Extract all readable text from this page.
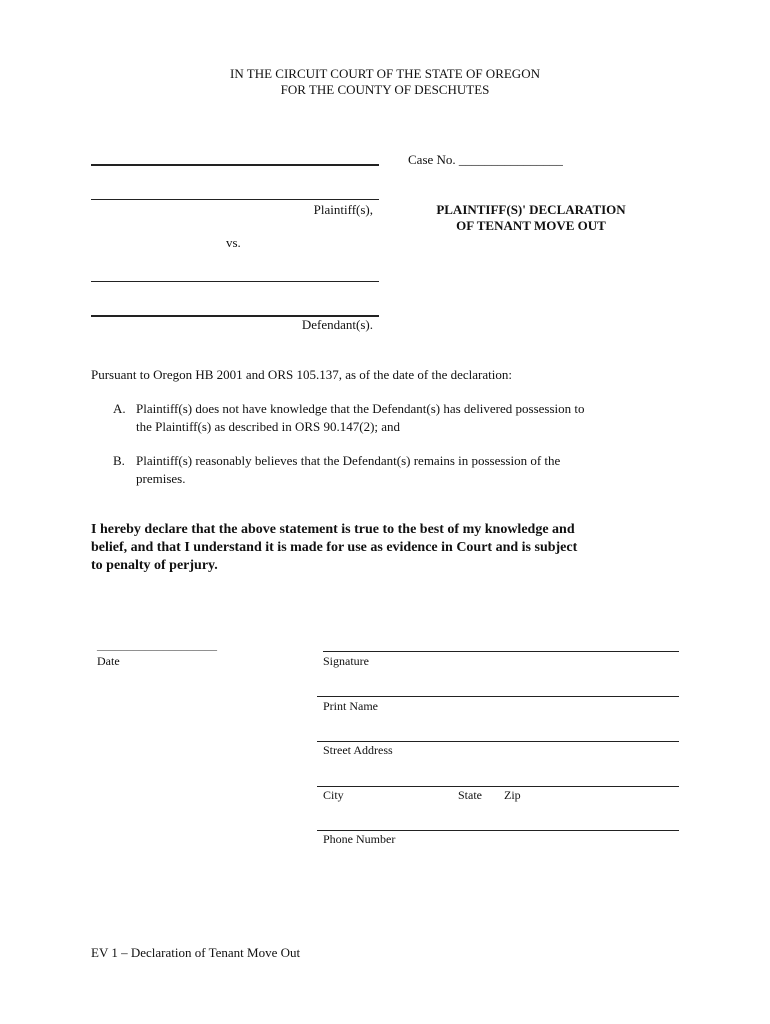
IN THE CIRCUIT COURT OF THE STATE OF OREGON
FOR THE COUNTY OF DESCHUTES
Plaintiff(s),
vs.
Defendant(s).
Case No. ________________
PLAINTIFF(S)' DECLARATION
OF TENANT MOVE OUT
Pursuant to Oregon HB 2001 and ORS 105.137, as of the date of the declaration:
A. Plaintiff(s) does not have knowledge that the Defendant(s) has delivered possession to
the Plaintiff(s) as described in ORS 90.147(2); and
B. Plaintiff(s) reasonably believes that the Defendant(s) remains in possession of the
premises.
I hereby declare that the above statement is true to the best of my knowledge and
belief, and that I understand it is made for use as evidence in Court and is subject
to penalty of perjury.
____________________
Date	Signature
Print Name
Street Address
City	State Zip
Phone Number
EV 1 – Declaration of Tenant Move Out
